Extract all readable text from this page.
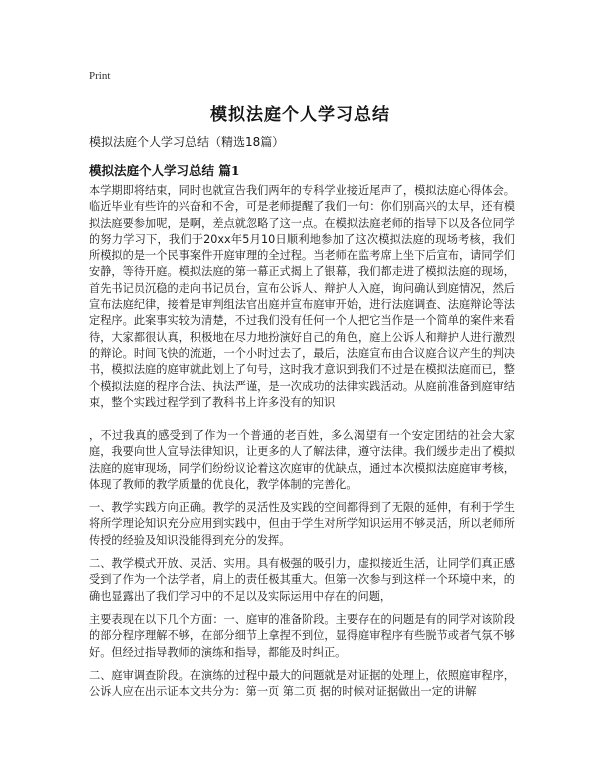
Print
模拟法庭个人学习总结
模拟法庭个人学习总结（精选18篇）
模拟法庭个人学习总结 篇1

本学期即将结束，同时也就宣告我们两年的专科学业接近尾声了，模拟法庭心得体会。临近毕业有些许的兴奋和不舍，可是老师提醒了我们一句：你们别高兴的太早，还有模拟法庭要参加呢，是啊，差点就忽略了这一点。在模拟法庭老师的指导下以及各位同学的努力学习下，我们于20xx年5月10日顺利地参加了这次模拟法庭的现场考核，我们所模拟的是一个民事案件开庭审理的全过程。当老师在监考席上坐下后宣布，请同学们安静，等待开庭。模拟法庭的第一幕正式揭上了银幕，我们都走进了模拟法庭的现场，首先书记员沉稳的走向书记员台，宣布公诉人、辩护人入庭，询问确认到庭情况，然后宣布法庭纪律，接着是审判组法官出庭并宣布庭审开始，进行法庭调查、法庭辩论等法定程序。此案事实较为清楚，不过我们没有任何一个人把它当作是一个简单的案件来看待，大家都很认真，积极地在尽力地扮演好自己的角色，庭上公诉人和辩护人进行激烈的辩论。时间飞快的流逝，一个小时过去了，最后，法庭宣布由合议庭合议产生的判决书，模拟法庭的庭审就此划上了句号，这时我才意识到我们不过是在模拟法庭而已，整个模拟法庭的程序合法、执法严谨，是一次成功的法律实践活动。从庭前准备到庭审结束，整个实践过程学到了教科书上许多没有的知识

，不过我真的感受到了作为一个普通的老百姓，多么渴望有一个安定团结的社会大家庭，我要向世人宣导法律知识，让更多的人了解法律，遵守法律。我们缓步走出了模拟法庭的庭审现场，同学们纷纷议论着这次庭审的优缺点，通过本次模拟法庭庭审考核，体现了教师的教学质量的优良化，教学体制的完善化。

一、教学实践方向正确。教学的灵活性及实践的空间都得到了无限的延伸，有利于学生将所学理论知识充分应用到实践中，但由于学生对所学知识运用不够灵活，所以老师所传授的经验及知识没能得到充分的发挥。

二、教学模式开放、灵活、实用。具有极强的吸引力，虚拟接近生活，让同学们真正感受到了作为一个法学者，肩上的责任极其重大。但第一次参与到这样一个环境中来，的确也显露出了我们学习中的不足以及实际运用中存在的问题，

主要表现在以下几个方面：一、庭审的准备阶段。主要存在的问题是有的同学对该阶段的部分程序理解不够，在部分细节上拿捏不到位，显得庭审程序有些脱节或者气氛不够好。但经过指导教师的演练和指导，都能及时纠正。

二、庭审调查阶段。在演练的过程中最大的问题就是对证据的处理上，依照庭审程序，公诉人应在出示证本文共分为：第一页 第二页 据的时候对证据做出一定的讲解
